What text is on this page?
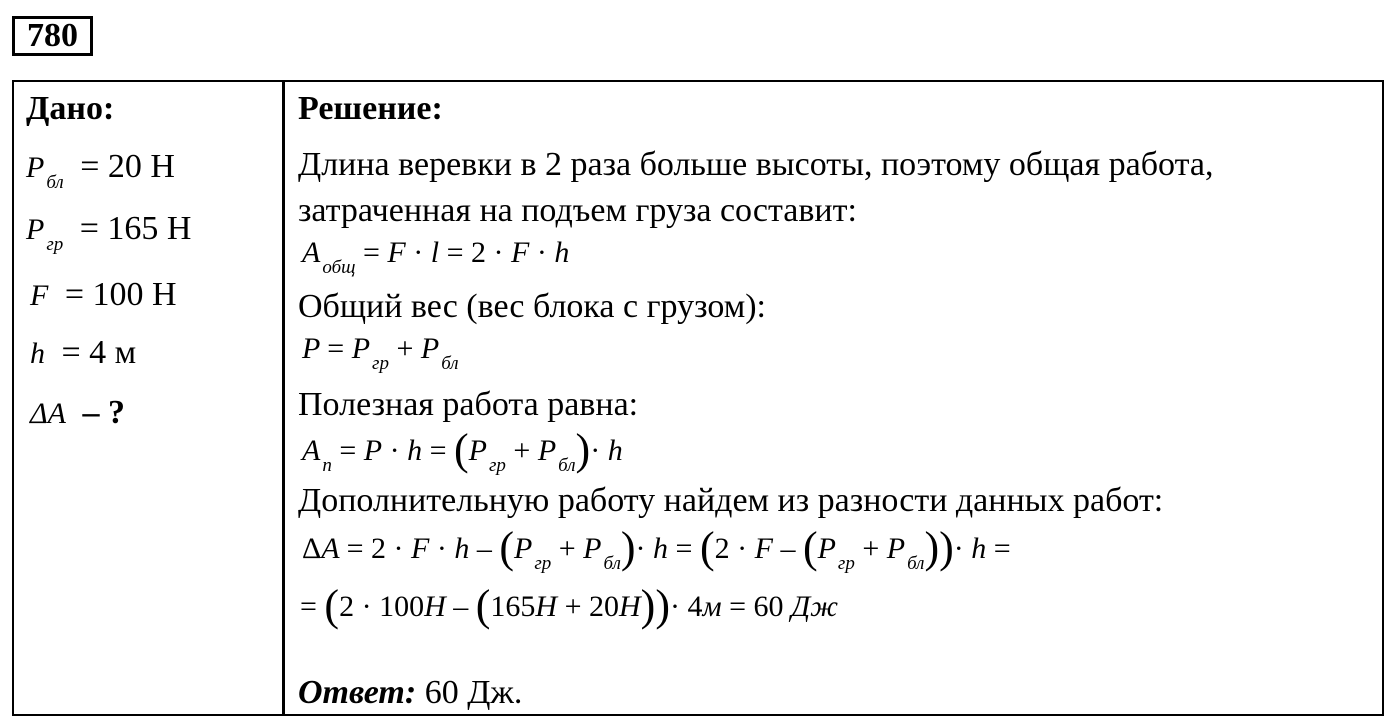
780
Дано:
P $_{бл}$ = 20 Н
P $_{гр}$ = 165 Н
F = 100 Н
h = 4 м
ΔA – ?
Решение:
Длина веревки в 2 раза больше высоты, поэтому общая работа,
затраченная на подъем груза составит:
A $_{общ}$ = F · l = 2 · F · h
Общий вес (вес блока с грузом):
P = P $_{гр}$ + P $_{бл}$
Полезная работа равна:
A $_п$ = P · h = (P $_{гр}$ + P $_{бл}$)· h
Дополнительную работу найдем из разности данных работ:
ΔA = 2 · F · h – (P $_{гр}$ + P $_{бл}$)· h = (2 · F – (P $_{гр}$ + P $_{бл}$))· h =
= (2 · 100H – (165H + 20H))· 4м = 60 Дж
Ответ: 60 Дж.
